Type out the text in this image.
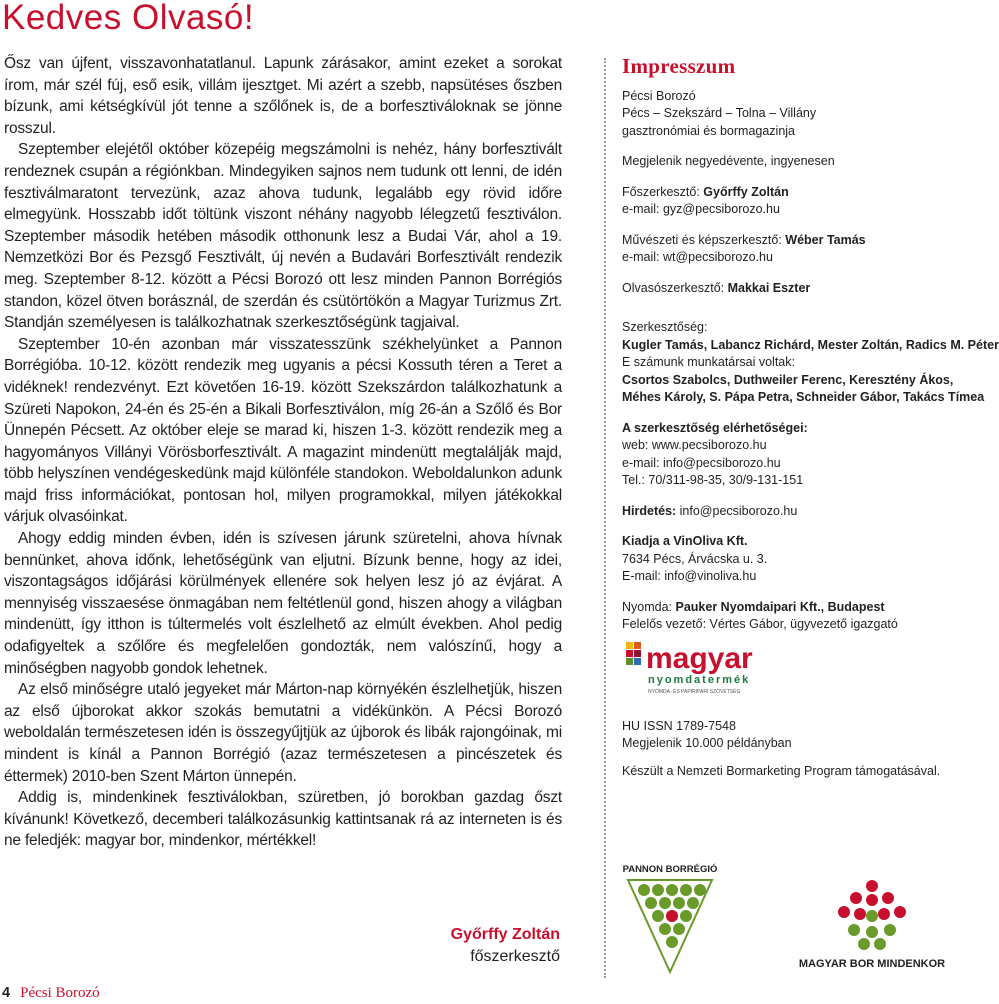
Kedves Olvasó!

Ősz van újfent, visszavonhatatlanul. Lapunk zárásakor, amint ezeket a sorokat írom, már szél fúj, eső esik, villám ijesztget. Mi azért a szebb, napsütéses őszben bízunk, ami kétségkívül jót tenne a szőlőnek is, de a borfesztiváloknak se jönne rosszul.

Szeptember elejétől október közepéig megszámolni is nehéz, hány borfesztivált rendeznek csupán a régiónkban. Mindegyiken sajnos nem tudunk ott lenni, de idén fesztiválmaratont tervezünk, azaz ahova tudunk, legalább egy rövid időre elmegyünk. Hosszabb időt töltünk viszont néhány nagyobb lélegzetű fesztiválon. Szeptember második hetében második otthonunk lesz a Budai Vár, ahol a 19. Nemzetközi Bor és Pezsgő Fesztivált, új nevén a Budavári Borfesztivált rendezik meg. Szeptember 8-12. között a Pécsi Borozó ott lesz minden Pannon Borrégiós standon, közel ötven borásznál, de szerdán és csütörtökön a Magyar Turizmus Zrt. Standján személyesen is találkozhatnak szerkesztőségünk tagjaival.

Szeptember 10-én azonban már visszatesszünk székhelyünket a Pannon Borrégióba. 10-12. között rendezik meg ugyanis a pécsi Kossuth téren a Teret a vidéknek! rendezvényt. Ezt követően 16-19. között Szekszárdon találkozhatunk a Szüreti Napokon, 24-én és 25-én a Bikali Borfesztiválon, míg 26-án a Szőlő és Bor Ünnepén Pécsett. Az október eleje se marad ki, hiszen 1-3. között rendezik meg a hagyományos Villányi Vörösborfesztivált. A magazint mindenütt megtalálják majd, több helyszínen vendégeskedünk majd különféle standokon. Weboldalunkon adunk majd friss információkat, pontosan hol, milyen programokkal, milyen játékokkal várjuk olvasóinkat.

Ahogy eddig minden évben, idén is szívesen járunk szüretelni, ahova hívnak bennünket, ahova időnk, lehetőségünk van eljutni. Bízunk benne, hogy az idei, viszontagságos időjárási körülmények ellenére sok helyen lesz jó az évjárat. A mennyiség visszaesése önmagában nem feltétlenül gond, hiszen ahogy a világban mindenütt, így itthon is túltermelés volt észlelhető az elmúlt években. Ahol pedig odafigyeltek a szőlőre és megfelelően gondozták, nem valószínű, hogy a minőségben nagyobb gondok lehetnek.

Az első minőségre utaló jegyeket már Márton-nap környékén észlelhetjük, hiszen az első újborokat akkor szokás bemutatni a vidékünkön. A Pécsi Borozó weboldalán természetesen idén is összegyűjtjük az újborok és libák rajongóinak, mi mindent is kínál a Pannon Borrégió (azaz természetesen a pincészetek és éttermek) 2010-ben Szent Márton ünnepén.

Addig is, mindenkinek fesztiválokban, szüretben, jó borokban gazdag őszt kívánunk! Következő, decemberi találkozásunkig kattintsanak rá az interneten is és ne feledjék: magyar bor, mindenkor, mértékkel!

Győrffy Zoltán
főszerkesztő
4 Pécsi Borozó
Impresszum
Pécsi Borozó
Pécs – Szekszárd – Tolna – Villány
gasztronómiai és bormagazinja
Megjelenik negyedévente, ingyenesen
Főszerkesztő: Győrffy Zoltán
e-mail: gyz@pecsiborozo.hu
Művészeti és képszerkesztő: Wéber Tamás
e-mail: wt@pecsiborozo.hu
Olvasószerkesztő: Makkai Eszter
Szerkesztőség:
Kugler Tamás, Labancz Richárd, Mester Zoltán, Radics M. Péter
E számunk munkatársai voltak:
Csortos Szabolcs, Duthweiler Ferenc, Keresztény Ákos,
Méhes Károly, S. Pápa Petra, Schneider Gábor, Takács Tímea
A szerkesztőség elérhetőségei:
web: www.pecsiborozo.hu
e-mail: info@pecsiborozo.hu
Tel.: 70/311-98-35, 30/9-131-151
Hirdetés: info@pecsiborozo.hu
Kiadja a VinOliva Kft.
7634 Pécs, Árvácska u. 3.
E-mail: info@vinoliva.hu
Nyomda: Pauker Nyomdaipari Kft., Budapest
Felelős vezető: Vértes Gábor, ügyvezető igazgató
magyar
nyomdatermék
NYOMDA- ÉS PAPÍRIPARI SZÖVETSÉG
HU ISSN 1789-7548
Megjelenik 10.000 példányban
Készült a Nemzeti Bormarketing Program támogatásával.
PANNON BORRÉGIÓ
MAGYAR BOR MINDENKOR
